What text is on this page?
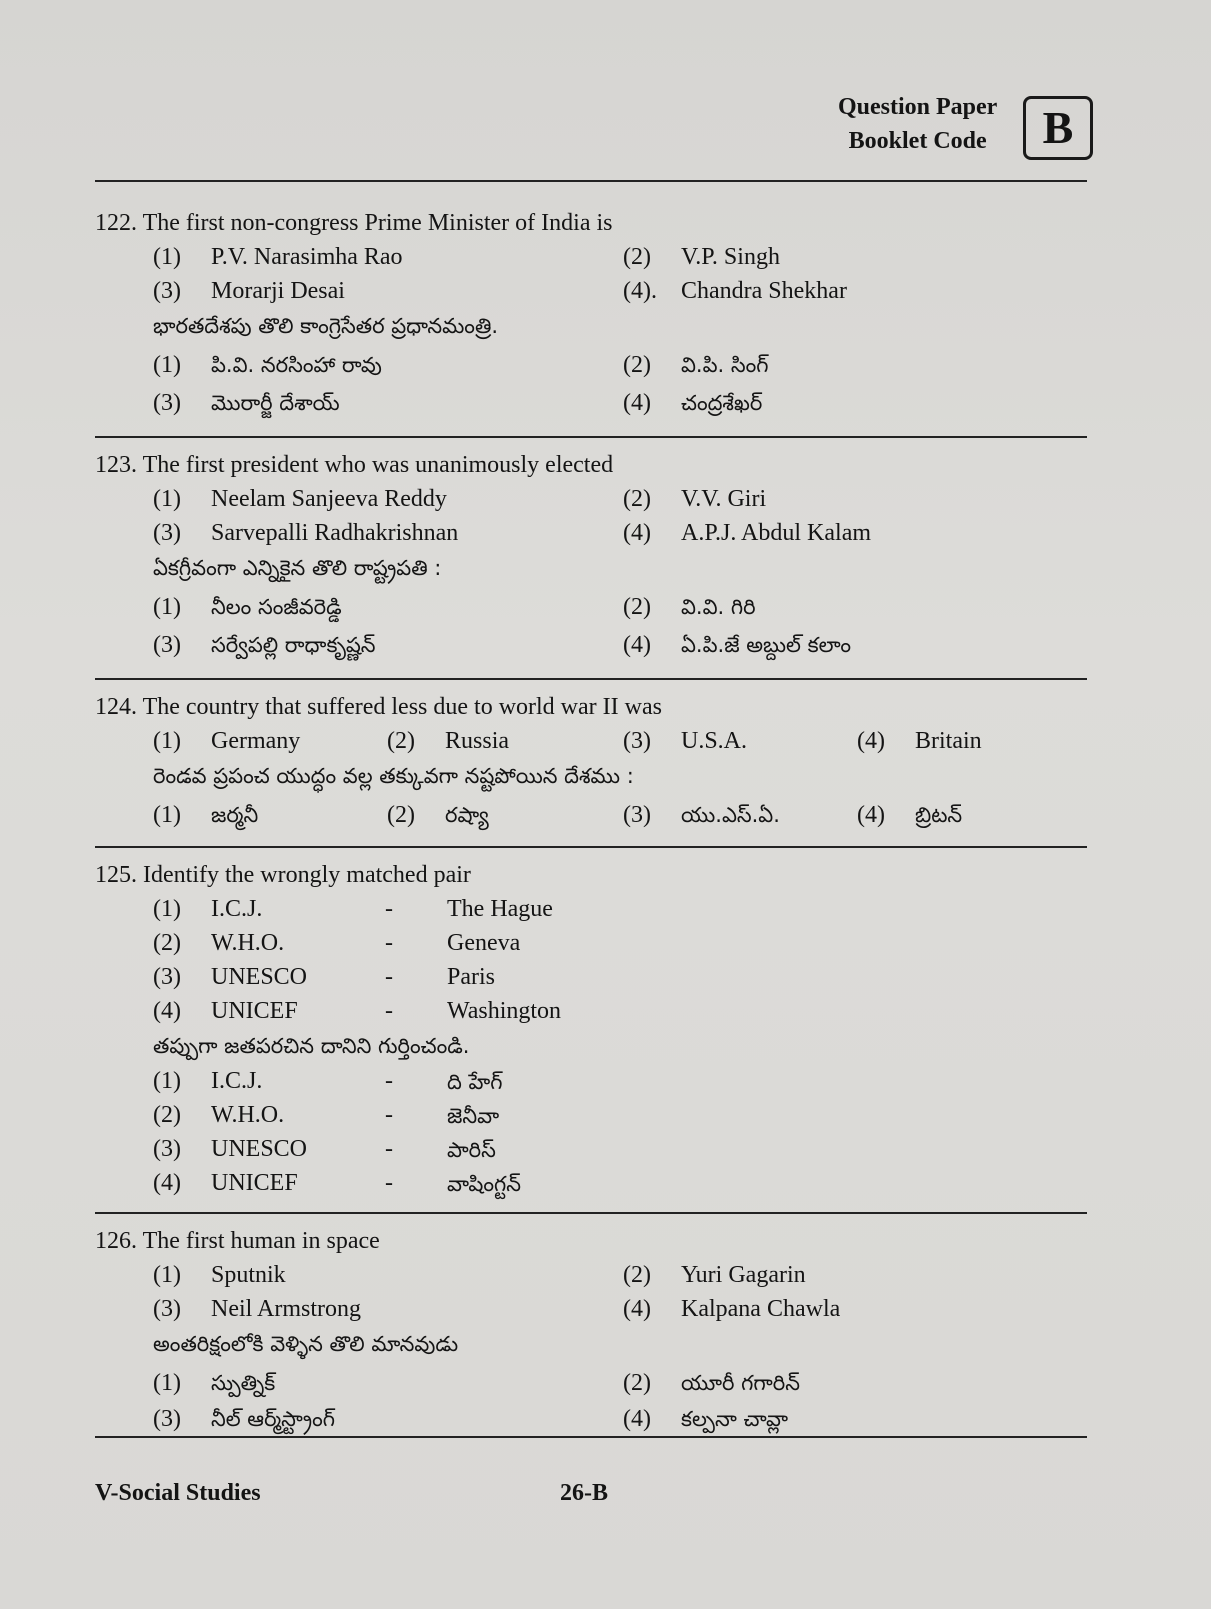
Question Paper
Booklet Code	B
122. The first non-congress Prime Minister of India is
(1) P.V. Narasimha Rao	(2) V.P. Singh
(3) Morarji Desai	(4). Chandra Shekhar
భారతదేశపు తొలి కాంగ్రెసేతర ప్రధానమంత్రి.
(1) పి.వి. నరసింహా రావు	(2) వి.పి. సింగ్
(3) మొరార్జీ దేశాయ్	(4) చంద్రశేఖర్
123. The first president who was unanimously elected
(1) Neelam Sanjeeva Reddy	(2) V.V. Giri
(3) Sarvepalli Radhakrishnan	(4) A.P.J. Abdul Kalam
ఏకగ్రీవంగా ఎన్నికైన తొలి రాష్ట్రపతి :
(1) నీలం సంజీవరెడ్డి	(2) వి.వి. గిరి
(3) సర్వేపల్లి రాధాకృష్ణన్	(4) ఏ.పి.జే అబ్దుల్ కలాం
124. The country that suffered less due to world war II was
(1) Germany	(2) Russia	(3) U.S.A.	(4) Britain
రెండవ ప్రపంచ యుద్ధం వల్ల తక్కువగా నష్టపోయిన దేశము :
(1) జర్మనీ	(2) రష్యా	(3) యు.ఎస్.ఏ.	(4) బ్రిటన్
125. Identify the wrongly matched pair
(1) I.C.J.	- The Hague
(2) W.H.O.	- Geneva
(3) UNESCO	- Paris
(4) UNICEF	- Washington
తప్పుగా జతపరచిన దానిని గుర్తించండి.
(1) I.C.J.	-	ది హేగ్
(2) W.H.O.	-	జెనీవా
(3) UNESCO	-	పారిస్
(4) UNICEF	-	వాషింగ్టన్
126. The first human in space
(1) Sputnik	(2) Yuri Gagarin
(3) Neil Armstrong	(4) Kalpana Chawla
అంతరిక్షంలోకి వెళ్ళిన తొలి మానవుడు
(1) స్పుత్నిక్	(2) యూరీ గగారిన్
(3) నీల్ ఆర్మ్‌స్ట్రాంగ్	(4) కల్పనా చావ్లా
V-Social Studies	26-B
